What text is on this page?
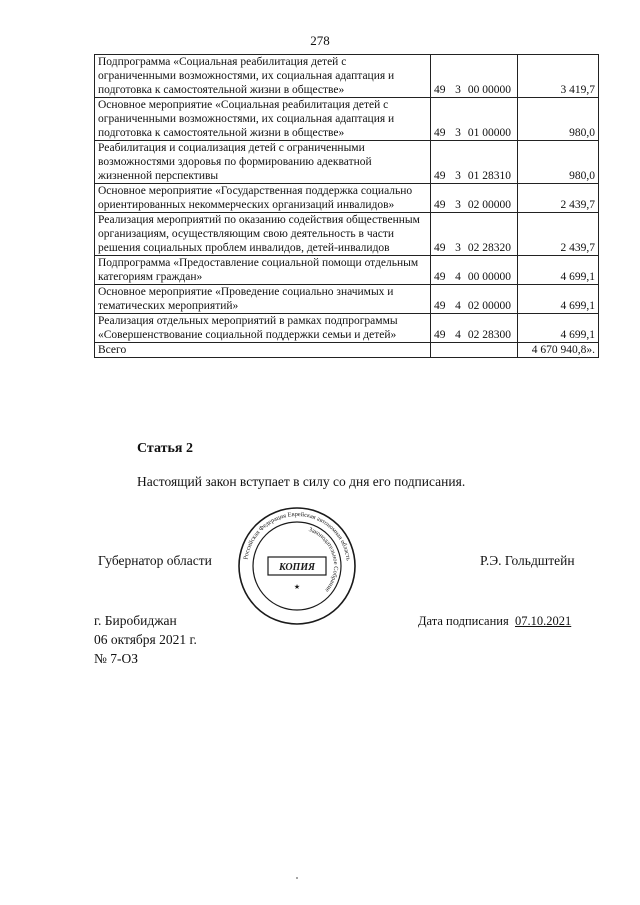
278
Подпрограмма «Социальная реабилитация детей с ограниченными возможностями, их социальная адаптация и подготовка к самостоятельной жизни в обществе»	49 3 00 00000	3 419,7
Основное мероприятие «Социальная реабилитация детей с ограниченными возможностями, их социальная адаптация и подготовка к самостоятельной жизни в обществе»	49 3 01 00000	980,0
Реабилитация и социализация детей с ограниченными возможностями здоровья по формированию адекватной жизненной перспективы	49 3 01 28310	980,0
Основное мероприятие «Государственная поддержка социально ориентированных некоммерческих организаций инвалидов»	49 3 02 00000	2 439,7
Реализация мероприятий по оказанию содействия общественным организациям, осуществляющим свою деятельность в части решения социальных проблем инвалидов, детей-инвалидов	49 3 02 28320	2 439,7
Подпрограмма «Предоставление социальной помощи отдельным категориям граждан»	49 4 00 00000	4 699,1
Основное мероприятие «Проведение социально значимых и тематических мероприятий»	49 4 02 00000	4 699,1
Реализация отдельных мероприятий в рамках подпрограммы «Совершенствование социальной поддержки семьи и детей»	49 4 02 28300	4 699,1
Всего		4 670 940,8».
Статья 2
Настоящий закон вступает в силу со дня его подписания.
Губернатор области	Р.Э. Гольдштейн
Российская Федерация Еврейская автономная область
Законодательное Собрание
КОПИЯ
★
г. Биробиджан
06 октября 2021 г.
№ 7-ОЗ
Дата подписания 07.10.2021
